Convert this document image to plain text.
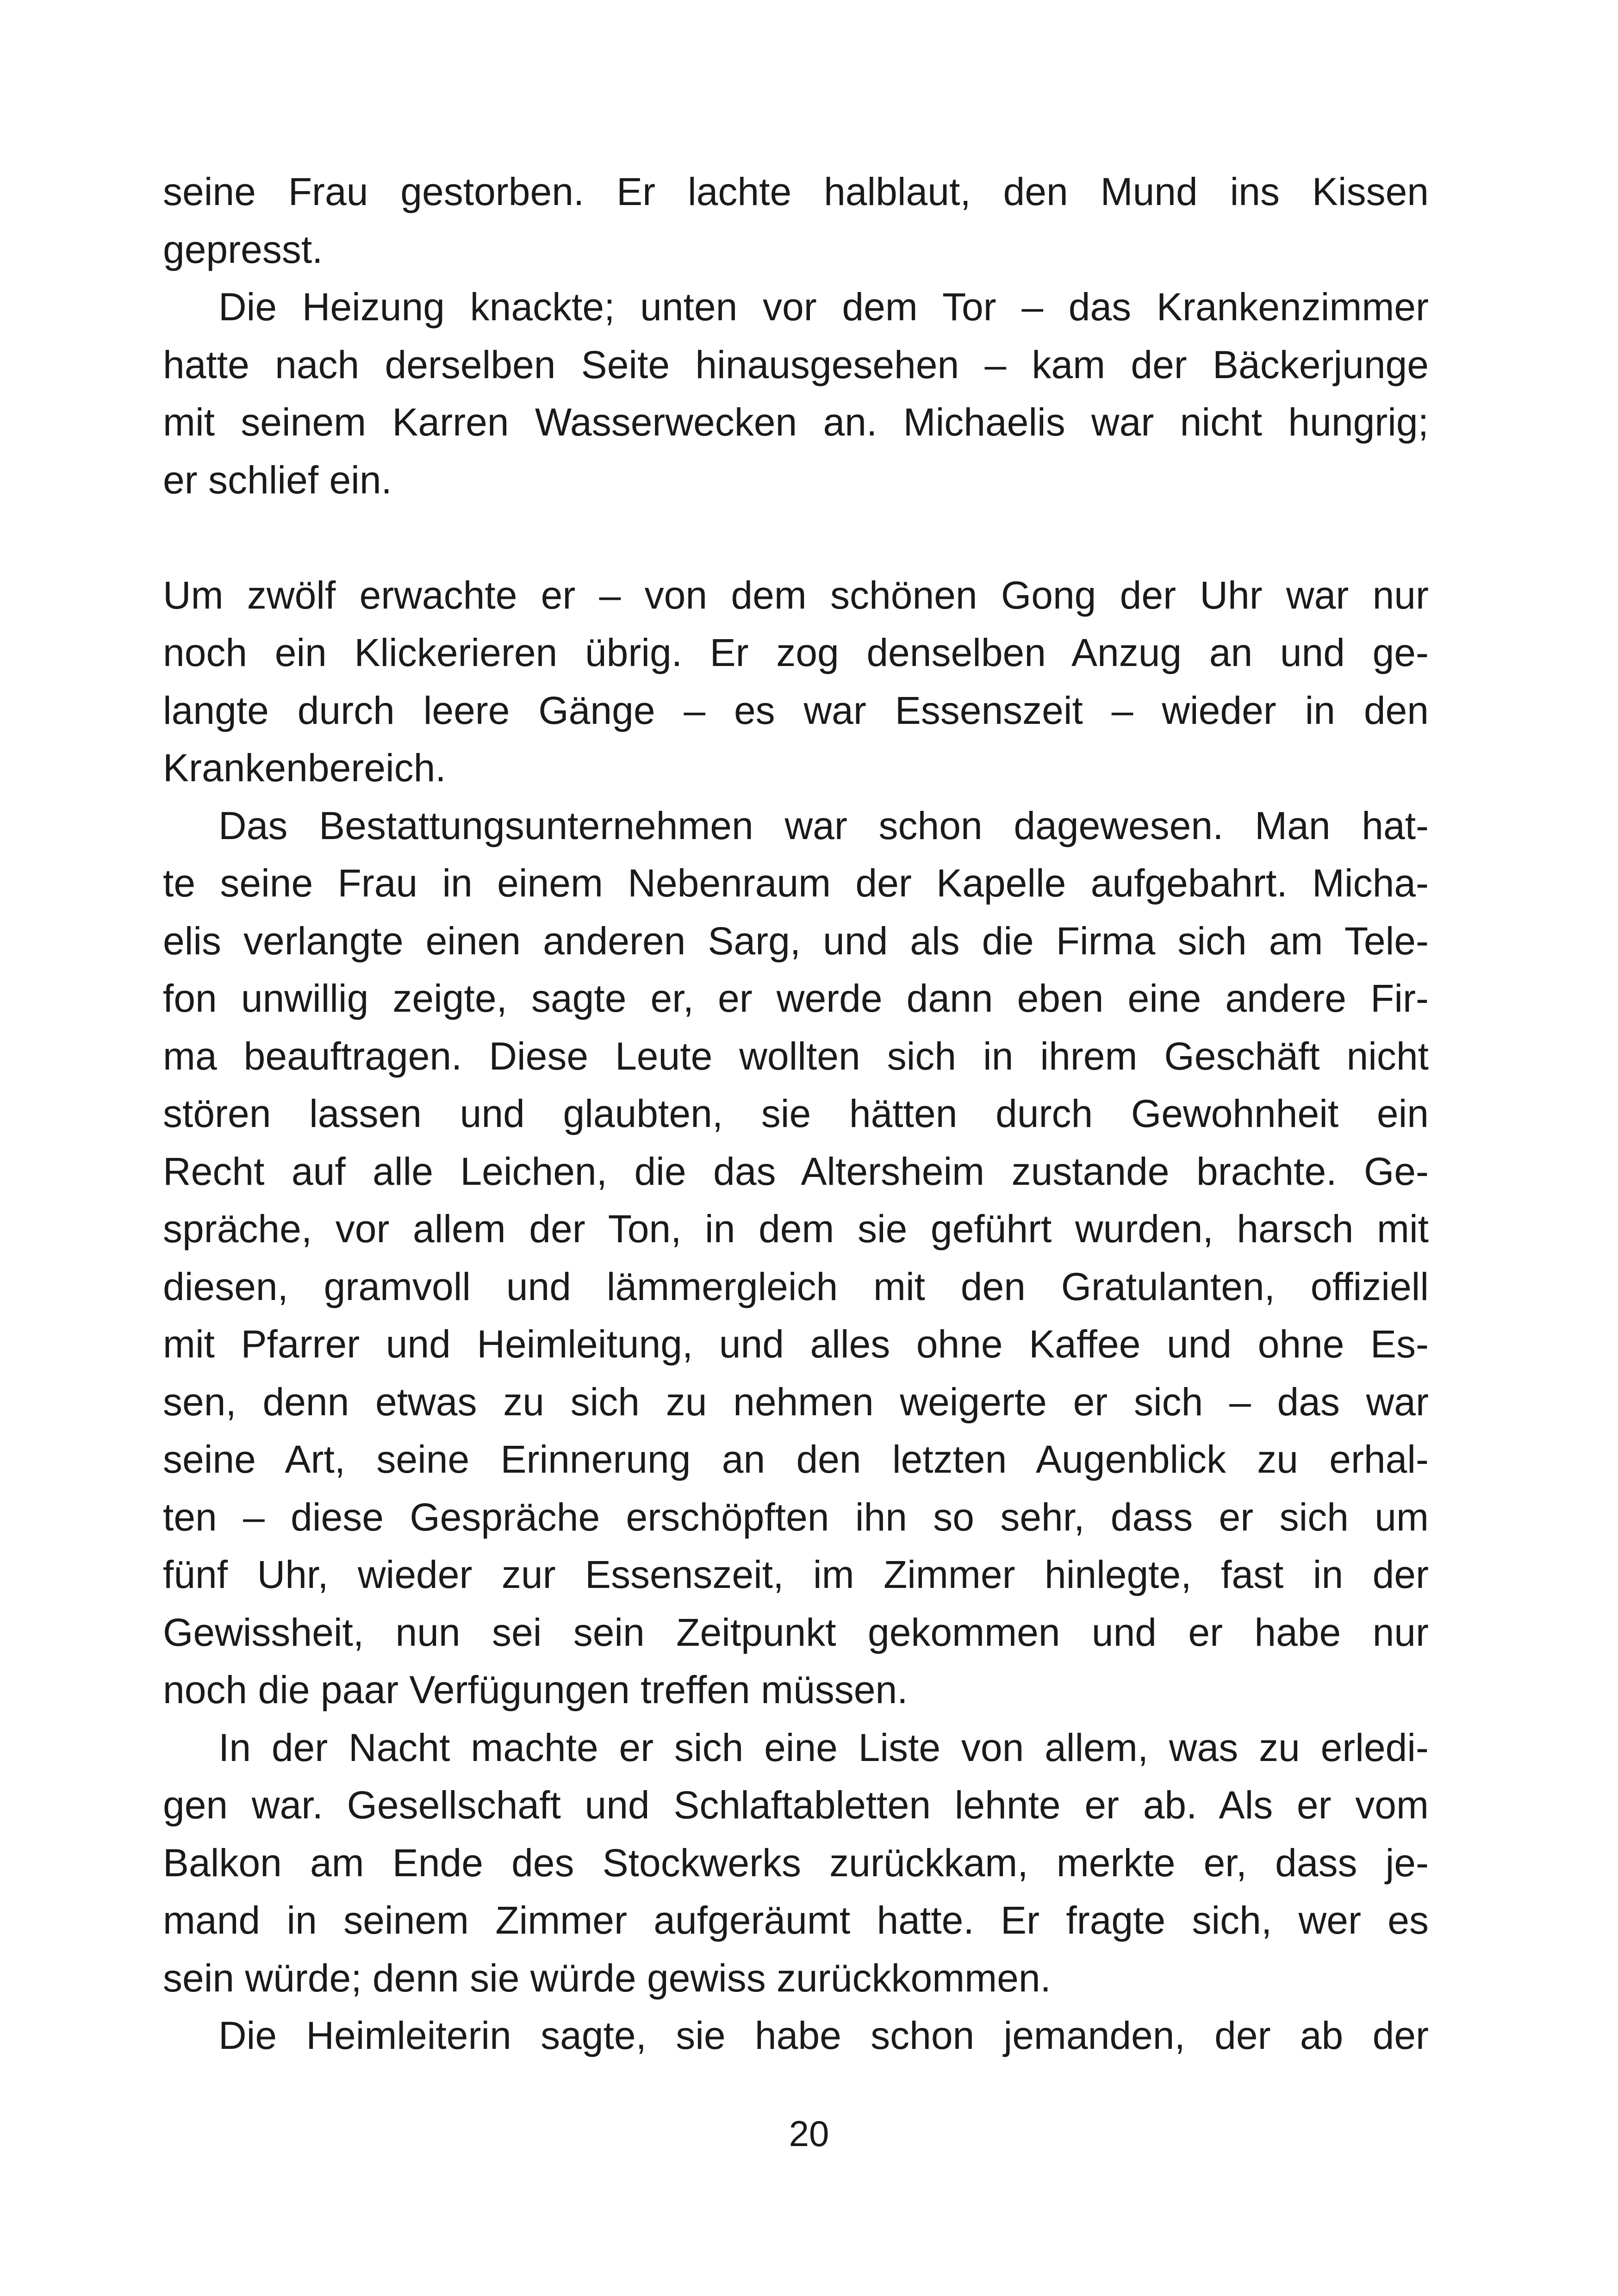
seine Frau gestorben. Er lachte halblaut, den Mund ins Kissen
gepresst.
Die Heizung knackte; unten vor dem Tor – das Krankenzimmer
hatte nach derselben Seite hinausgesehen – kam der Bäckerjunge
mit seinem Karren Wasserwecken an. Michaelis war nicht hungrig;
er schlief ein.
Um zwölf erwachte er – von dem schönen Gong der Uhr war nur
noch ein Klickerieren übrig. Er zog denselben Anzug an und ge-
langte durch leere Gänge – es war Essenszeit – wieder in den
Krankenbereich.
Das Bestattungsunternehmen war schon dagewesen. Man hat-
te seine Frau in einem Nebenraum der Kapelle aufgebahrt. Micha-
elis verlangte einen anderen Sarg, und als die Firma sich am Tele-
fon unwillig zeigte, sagte er, er werde dann eben eine andere Fir-
ma beauftragen. Diese Leute wollten sich in ihrem Geschäft nicht
stören lassen und glaubten, sie hätten durch Gewohnheit ein
Recht auf alle Leichen, die das Altersheim zustande brachte. Ge-
spräche, vor allem der Ton, in dem sie geführt wurden, harsch mit
diesen, gramvoll und lämmergleich mit den Gratulanten, offiziell
mit Pfarrer und Heimleitung, und alles ohne Kaffee und ohne Es-
sen, denn etwas zu sich zu nehmen weigerte er sich – das war
seine Art, seine Erinnerung an den letzten Augenblick zu erhal-
ten – diese Gespräche erschöpften ihn so sehr, dass er sich um
fünf Uhr, wieder zur Essenszeit, im Zimmer hinlegte, fast in der
Gewissheit, nun sei sein Zeitpunkt gekommen und er habe nur
noch die paar Verfügungen treffen müssen.
In der Nacht machte er sich eine Liste von allem, was zu erledi-
gen war. Gesellschaft und Schlaftabletten lehnte er ab. Als er vom
Balkon am Ende des Stockwerks zurückkam, merkte er, dass je-
mand in seinem Zimmer aufgeräumt hatte. Er fragte sich, wer es
sein würde; denn sie würde gewiss zurückkommen.
Die Heimleiterin sagte, sie habe schon jemanden, der ab der
20
